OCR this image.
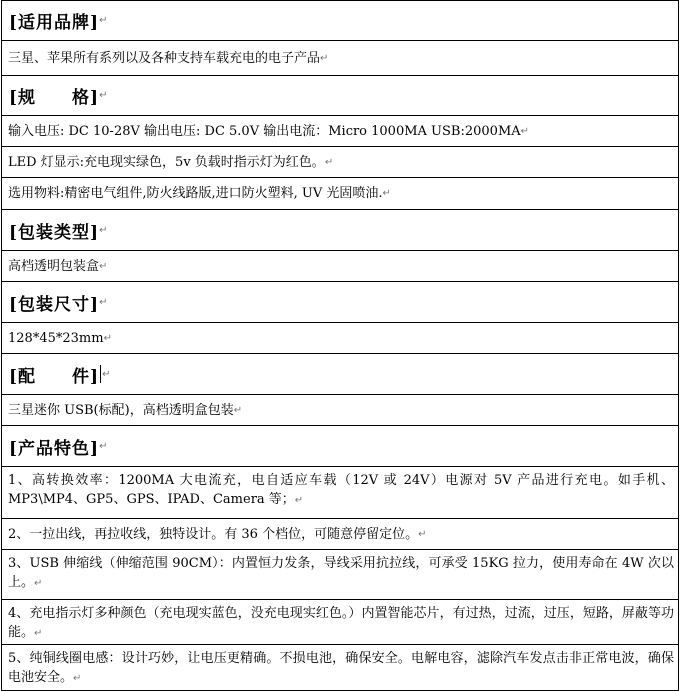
[适用品牌] ↵
三星、苹果所有系列以及各种支持车载充电的电子产品 ↵
[规　　格] ↵
输入电压: DC 10-28V 输出电压: DC 5.0V 输出电流：Micro 1000MA USB:2000MA ↵
LED 灯显示:充电现实绿色，5v 负载时指示灯为红色。 ↵
选用物料:精密电气组件,防火线路版,进口防火塑料, UV 光固喷油. ↵
[包装类型] ↵
高档透明包装盒 ↵
[包装尺寸] ↵
128*45*23mm ↵
[配　　件] ↵
三星迷你 USB(标配)，高档透明盒包装 ↵
[产品特色] ↵
1、高转换效率：1200MA 大电流充，电自适应车载（12V 或 24V）电源对 5V 产品进行充电。如手机、MP3\MP4、GP5、GPS、IPAD、Camera 等；↵
2、一拉出线，再拉收线，独特设计。有 36 个档位，可随意停留定位。 ↵
3、USB 伸缩线（伸缩范围 90CM）：内置恒力发条，导线采用抗拉线，可承受 15KG 拉力，使用寿命在 4W 次以上。↵
4、充电指示灯多种颜色（充电现实蓝色，没充电现实红色。）内置智能芯片，有过热，过流，过压，短路，屏蔽等功能。↵
5、纯铜线圈电感：设计巧妙，让电压更精确。不损电池，确保安全。电解电容，滤除汽车发点击非正常电波，确保电池安全。↵
